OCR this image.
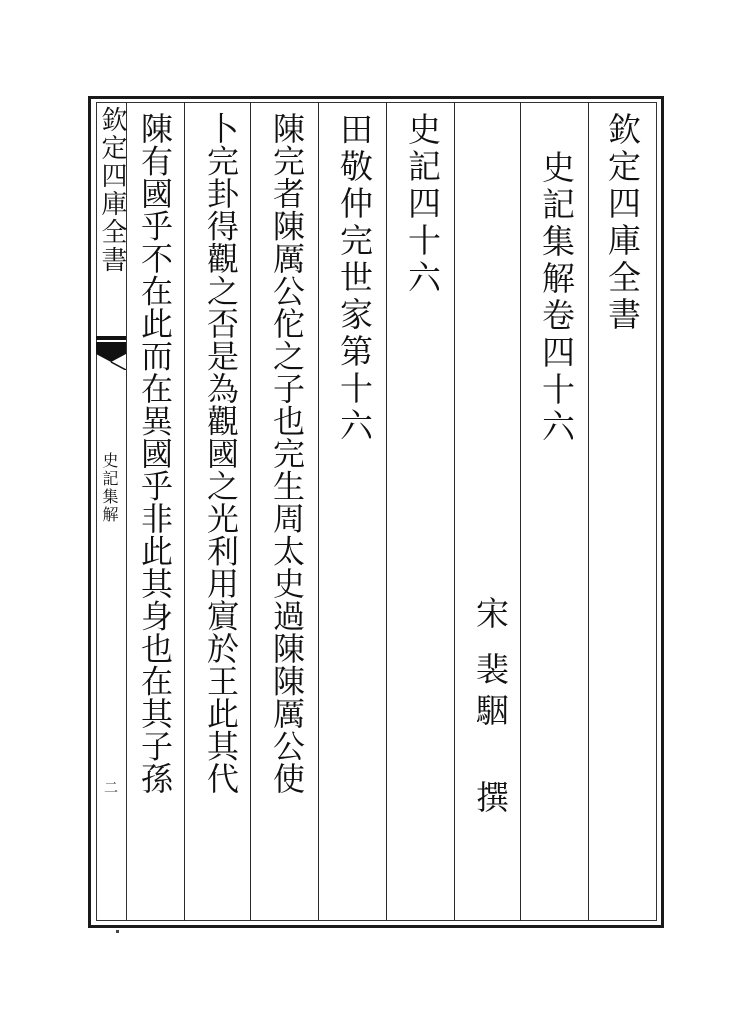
欽定四庫全書
史記集解
二
欽定四庫全書
史記集解卷四十六
宋
裴駰
撰
史記四十六
田敬仲完世家第十六
陳完者陳厲公佗之子也完生周太史過陳陳厲公使
卜完卦得觀之否是為觀國之光利用賔於王此其代
陳有國乎不在此而在異國乎非此其身也在其子孫
